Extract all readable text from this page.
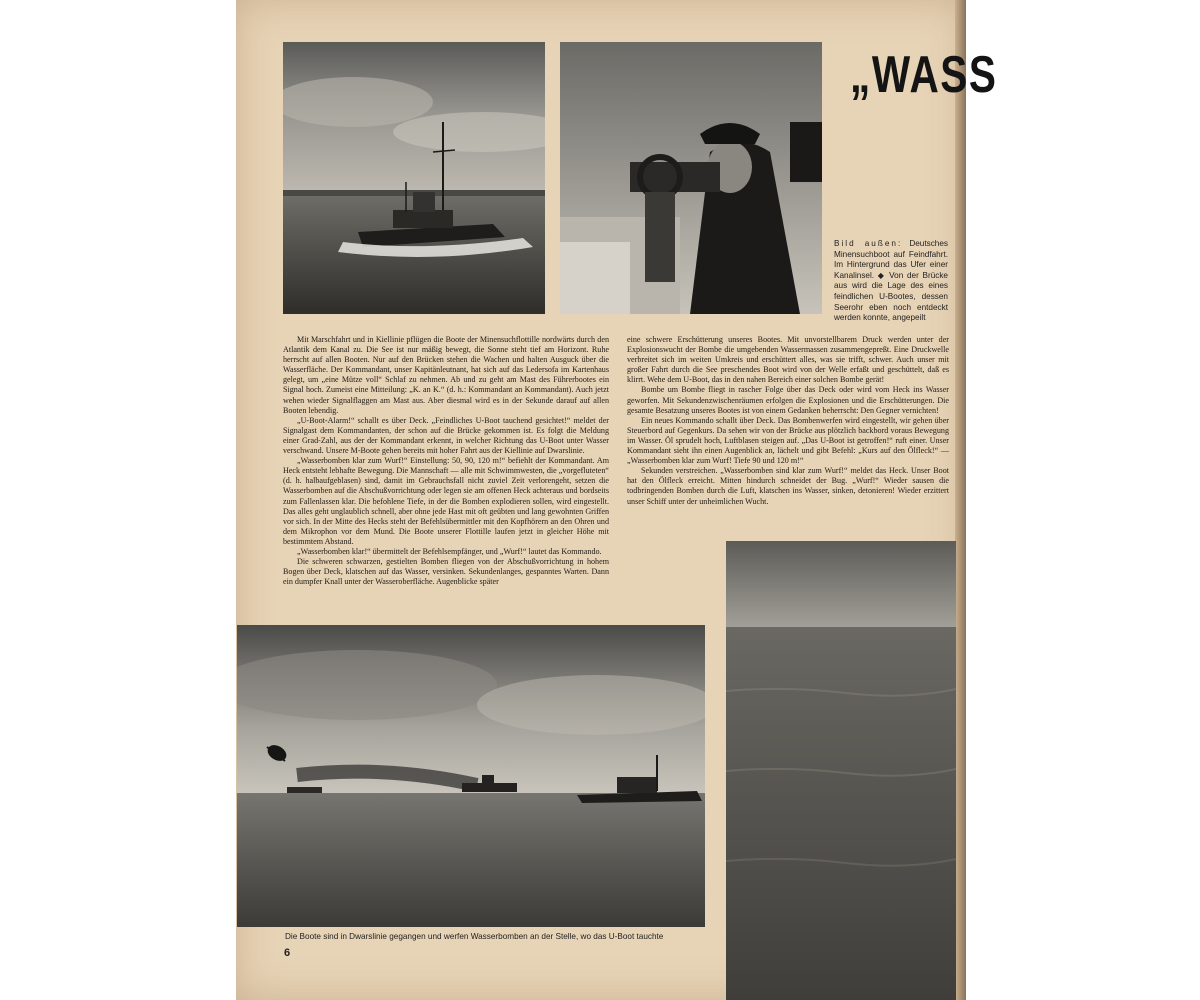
„WASS
Bild außen: Deutsches Minensuchboot auf Feindfahrt. Im Hintergrund das Ufer einer Kanalinsel. ◆ Von der Brücke aus wird die Lage des eines feindlichen U-Bootes, dessen Seerohr eben noch entdeckt werden konnte, angepeilt

Mit Marschfahrt und in Kiellinie pflügen die Boote der Minensuchflottille nordwärts durch den Atlantik dem Kanal zu. Die See ist nur mäßig bewegt, die Sonne steht tief am Horizont. Ruhe herrscht auf allen Booten. Nur auf den Brücken stehen die Wachen und halten Ausguck über die Wasserfläche. Der Kommandant, unser Kapitänleutnant, hat sich auf das Ledersofa im Kartenhaus gelegt, um „eine Mütze voll“ Schlaf zu nehmen. Ab und zu geht am Mast des Führerbootes ein Signal hoch. Zumeist eine Mitteilung: „K. an K.“ (d. h.: Kommandant an Kommandant). Auch jetzt wehen wieder Signalflaggen am Mast aus. Aber diesmal wird es in der Sekunde darauf auf allen Booten lebendig.

„U-Boot-Alarm!“ schallt es über Deck. „Feindliches U-Boot tauchend gesichtet!“ meldet der Signalgast dem Kommandanten, der schon auf die Brücke gekommen ist. Es folgt die Meldung einer Grad-Zahl, aus der der Kommandant erkennt, in welcher Richtung das U-Boot unter Wasser verschwand. Unsere M-Boote gehen bereits mit hoher Fahrt aus der Kiellinie auf Dwarslinie.

„Wasserbomben klar zum Wurf!“ Einstellung: 50, 90, 120 m!“ befiehlt der Kommandant. Am Heck entsteht lebhafte Bewegung. Die Mannschaft — alle mit Schwimmwesten, die „vorgefluteten“ (d. h. halbaufgeblasen) sind, damit im Gebrauchsfall nicht zuviel Zeit verlorengeht, setzen die Wasserbomben auf die Abschußvorrichtung oder legen sie am offenen Heck achteraus und bordseits zum Fallenlassen klar. Die befohlene Tiefe, in der die Bomben explodieren sollen, wird eingestellt. Das alles geht unglaublich schnell, aber ohne jede Hast mit oft geübten und lang gewohnten Griffen vor sich. In der Mitte des Hecks steht der Befehlsübermittler mit den Kopfhörern an den Ohren und dem Mikrophon vor dem Mund. Die Boote unserer Flottille laufen jetzt in gleicher Höhe mit bestimmtem Abstand.

„Wasserbomben klar!“ übermittelt der Befehlsempfänger, und „Wurf!“ lautet das Kommando.

Die schweren schwarzen, gestielten Bomben fliegen von der Abschußvorrichtung in hohem Bogen über Deck, klatschen auf das Wasser, versinken. Sekundenlanges, gespanntes Warten. Dann ein dumpfer Knall unter der Wasseroberfläche. Augenblicke später

eine schwere Erschütterung unseres Bootes. Mit unvorstellbarem Druck werden unter der Explosionswucht der Bombe die umgebenden Wassermassen zusammengepreßt. Eine Druckwelle verbreitet sich im weiten Umkreis und erschüttert alles, was sie trifft, schwer. Auch unser mit großer Fahrt durch die See preschendes Boot wird von der Welle erfaßt und geschüttelt, daß es klirrt. Wehe dem U-Boot, das in den nahen Bereich einer solchen Bombe gerät!

Bombe um Bombe fliegt in rascher Folge über das Deck oder wird vom Heck ins Wasser geworfen. Mit Sekundenzwischenräumen erfolgen die Explosionen und die Erschütterungen. Die gesamte Besatzung unseres Bootes ist von einem Gedanken beherrscht: Den Gegner vernichten!

Ein neues Kommando schallt über Deck. Das Bombenwerfen wird eingestellt, wir gehen über Steuerbord auf Gegenkurs. Da sehen wir von der Brücke aus plötzlich backbord voraus Bewegung im Wasser. Öl sprudelt hoch, Luftblasen steigen auf. „Das U-Boot ist getroffen!“ ruft einer. Unser Kommandant sieht ihn einen Augenblick an, lächelt und gibt Befehl: „Kurs auf den Ölfleck!“ — „Wasserbomben klar zum Wurf! Tiefe 90 und 120 m!“

Sekunden verstreichen. „Wasserbomben sind klar zum Wurf!“ meldet das Heck. Unser Boot hat den Ölfleck erreicht. Mitten hindurch schneidet der Bug. „Wurf!“ Wieder sausen die todbringenden Bomben durch die Luft, klatschen ins Wasser, sinken, detonieren! Wieder erzittert unser Schiff unter der unheimlichen Wucht.

Die Boote sind in Dwarslinie gegangen und werfen Wasserbomben an der Stelle, wo das U-Boot tauchte
6
